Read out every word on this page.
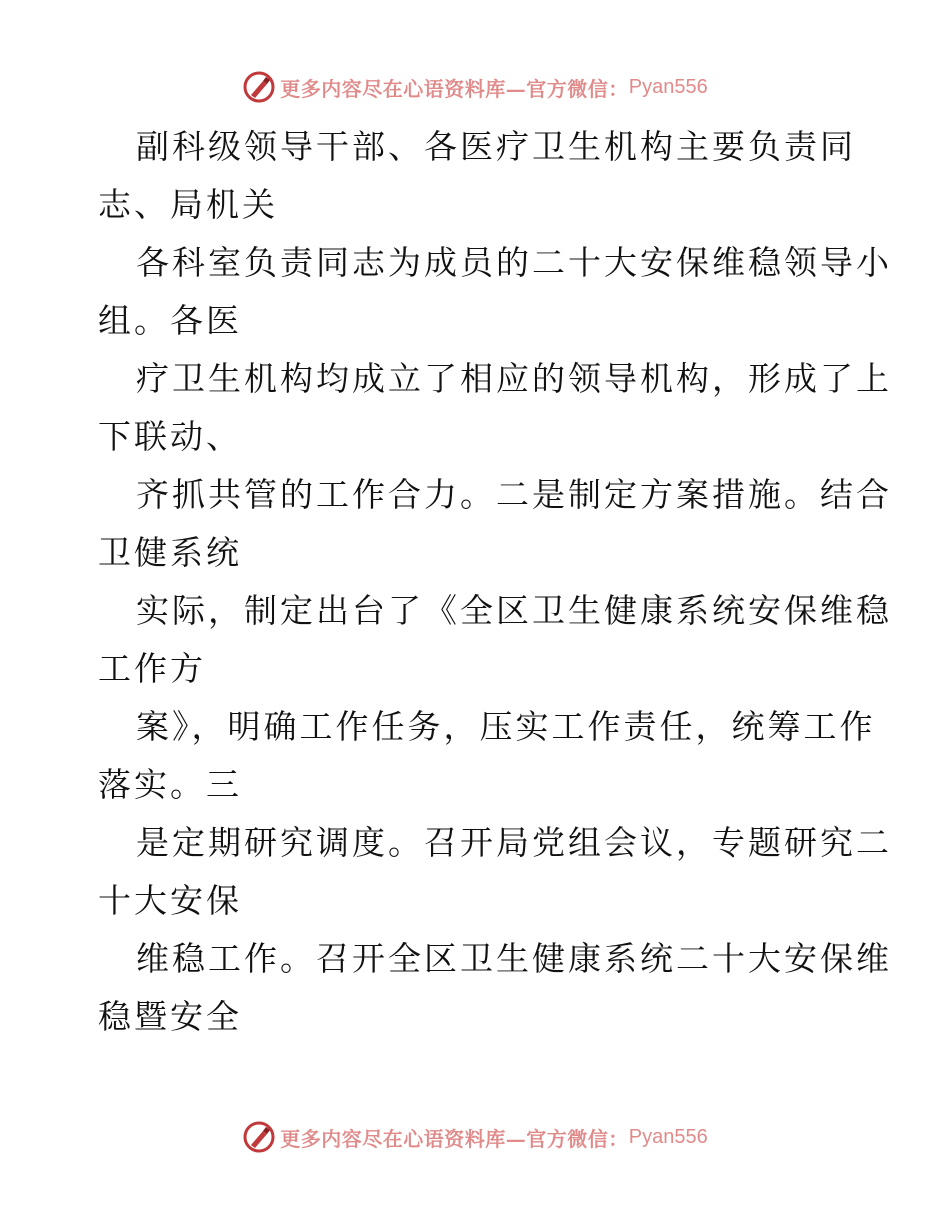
更多内容尽在心语资料库—官方微信： Pyan556
副科级领导干部、各医疗卫生机构主要负责同
志、局机关
各科室负责同志为成员的二十大安保维稳领导小
组。各医
疗卫生机构均成立了相应的领导机构，形成了上
下联动、
齐抓共管的工作合力。二是制定方案措施。结合
卫健系统
实际，制定出台了《全区卫生健康系统安保维稳
工作方
案》，明确工作任务，压实工作责任，统筹工作
落实。三
是定期研究调度。召开局党组会议，专题研究二
十大安保
维稳工作。召开全区卫生健康系统二十大安保维
稳暨安全
更多内容尽在心语资料库—官方微信： Pyan556
